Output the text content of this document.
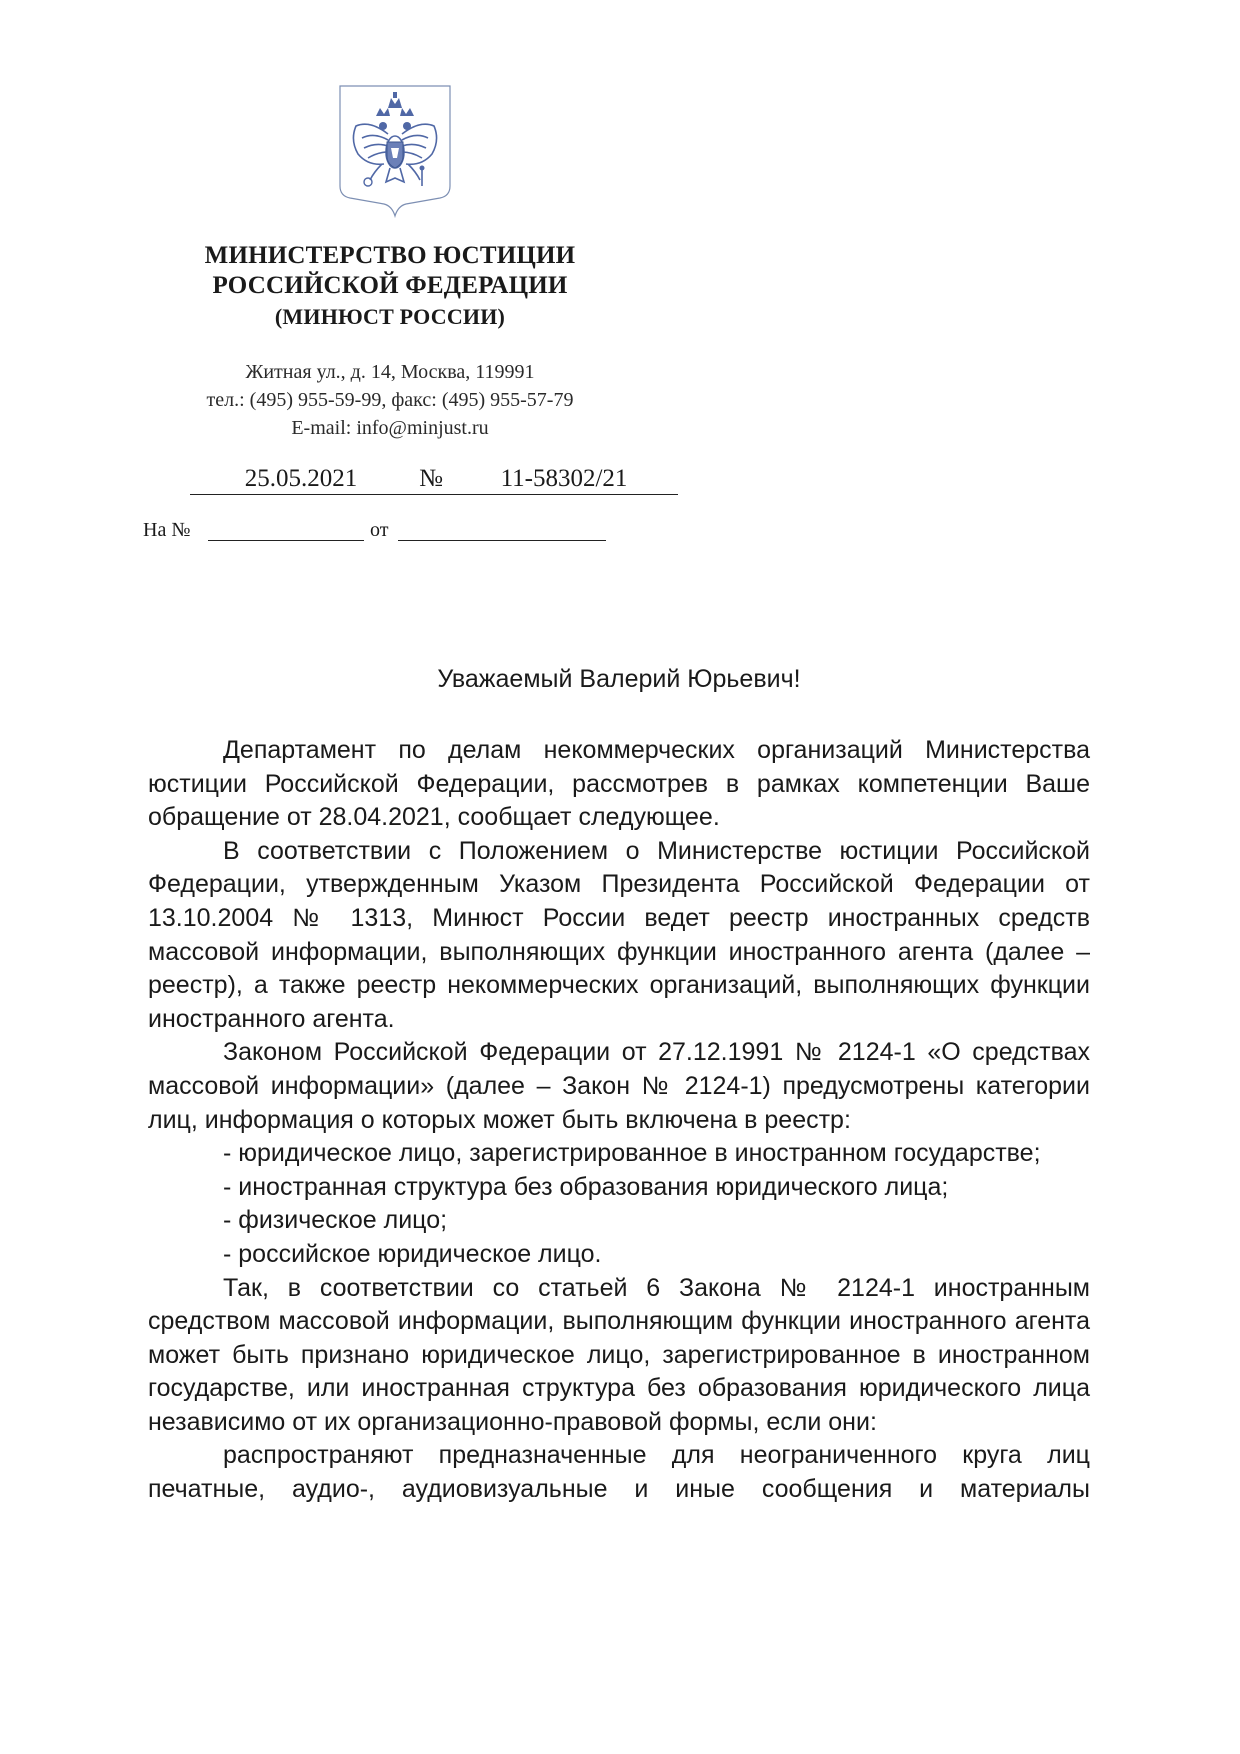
МИНИСТЕРСТВО ЮСТИЦИИ
РОССИЙСКОЙ ФЕДЕРАЦИИ
(МИНЮСТ РОССИИ)
Житная ул., д. 14, Москва, 119991
тел.: (495) 955-59-99, факс: (495) 955-57-79
E-mail: info@minjust.ru
25.05.2021	№	11-58302/21
На №	от
Уважаемый Валерий Юрьевич!

Департамент по делам некоммерческих организаций Министерства юстиции Российской Федерации, рассмотрев в рамках компетенции Ваше обращение от 28.04.2021, сообщает следующее.

В соответствии с Положением о Министерстве юстиции Российской Федерации, утвержденным Указом Президента Российской Федерации от 13.10.2004 № 1313, Минюст России ведет реестр иностранных средств массовой информации, выполняющих функции иностранного агента (далее – реестр), а также реестр некоммерческих организаций, выполняющих функции иностранного агента.

Законом Российской Федерации от 27.12.1991 № 2124-1 «О средствах массовой информации» (далее – Закон № 2124-1) предусмотрены категории лиц, информация о которых может быть включена в реестр:

- юридическое лицо, зарегистрированное в иностранном государстве;

- иностранная структура без образования юридического лица;

- физическое лицо;

- российское юридическое лицо.

Так, в соответствии со статьей 6 Закона № 2124-1 иностранным средством массовой информации, выполняющим функции иностранного агента может быть признано юридическое лицо, зарегистрированное в иностранном государстве, или иностранная структура без образования юридического лица независимо от их организационно-правовой формы, если они:

распространяют предназначенные для неограниченного круга лиц печатные, аудио-, аудиовизуальные и иные сообщения и материалы
